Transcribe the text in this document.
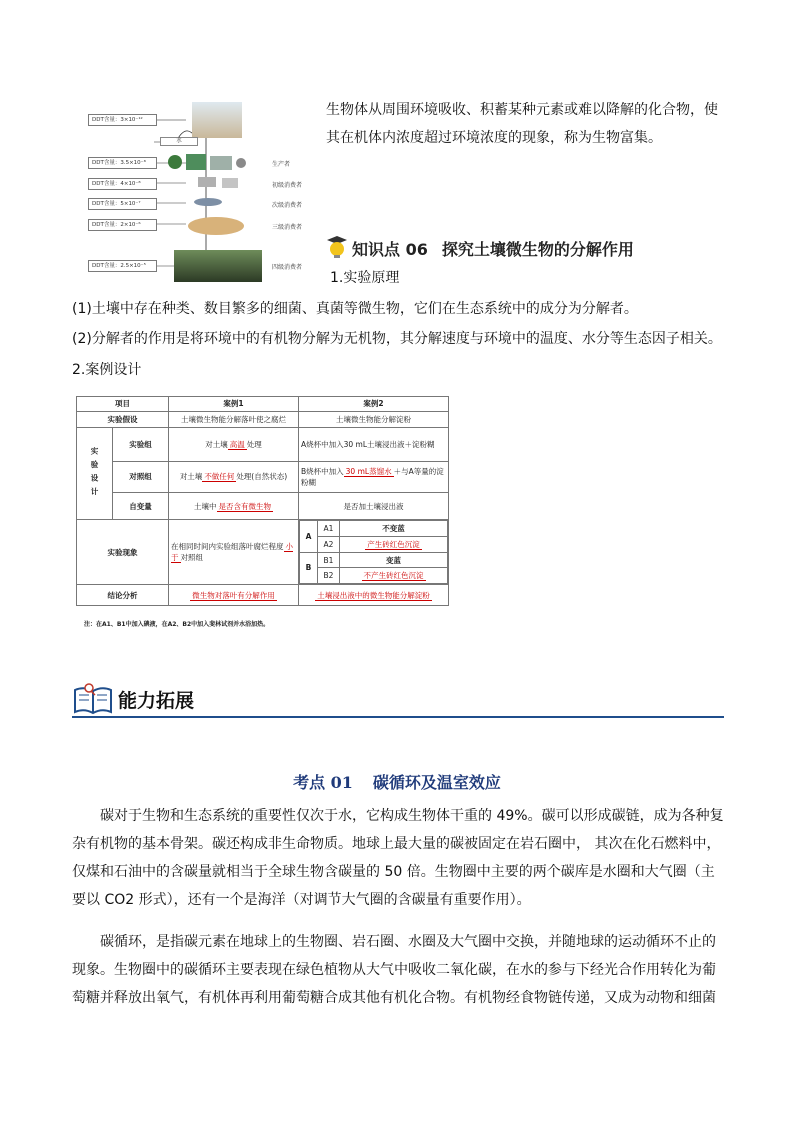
水
DDT含量：3×10⁻¹²
DDT含量：3.5×10⁻⁸
DDT含量：4×10⁻⁸
DDT含量：5×10⁻⁷
DDT含量：2×10⁻⁶
DDT含量：2.5×10⁻⁵
生产者
初级消费者
次级消费者
三级消费者
四级消费者
生物体从周围环境吸收、积蓄某种元素或难以降解的化合物，使其在机体内浓度超过环境浓度的现象，称为生物富集。
知识点 06 探究土壤微生物的分解作用
1.实验原理
(1)土壤中存在种类、数目繁多的细菌、真菌等微生物，它们在生态系统中的成分为分解者。
(2)分解者的作用是将环境中的有机物分解为无机物，其分解速度与环境中的温度、水分等生态因子相关。
2.案例设计
项目	案例1	案例2
实验假设	土壤微生物能分解落叶使之腐烂	土壤微生物能分解淀粉
实验设计	实验组	对土壤 高温 处理	A烧杯中加入30 mL土壤浸出液＋淀粉糊
对照组	对土壤 不做任何 处理(自然状态)	B烧杯中加入 30 mL蒸馏水 ＋与A等量的淀粉糊
自变量	土壤中 是否含有微生物	是否加土壤浸出液
实验现象	在相同时间内实验组落叶腐烂程度 小于 对照组	
A	A1	不变蓝
A2	产生砖红色沉淀
B	B1	变蓝
B2	不产生砖红色沉淀

结论分析	微生物对落叶有分解作用	土壤浸出液中的微生物能分解淀粉
注：在A1、B1中加入碘液，在A2、B2中加入斐林试剂并水浴加热。
能力拓展
考点 01 碳循环及温室效应
碳对于生物和生态系统的重要性仅次于水，它构成生物体干重的 49%。碳可以形成碳链，成为各种复杂有机物的基本骨架。碳还构成非生命物质。地球上最大量的碳被固定在岩石圈中， 其次在化石燃料中，仅煤和石油中的含碳量就相当于全球生物含碳量的 50 倍。生物圈中主要的两个碳库是水圈和大气圈（主要以 CO2 形式），还有一个是海洋（对调节大气圈的含碳量有重要作用）。
碳循环，是指碳元素在地球上的生物圈、岩石圈、水圈及大气圈中交换，并随地球的运动循环不止的现象。生物圈中的碳循环主要表现在绿色植物从大气中吸收二氧化碳，在水的参与下经光合作用转化为葡萄糖并释放出氧气，有机体再利用葡萄糖合成其他有机化合物。有机物经食物链传递，又成为动物和细菌
